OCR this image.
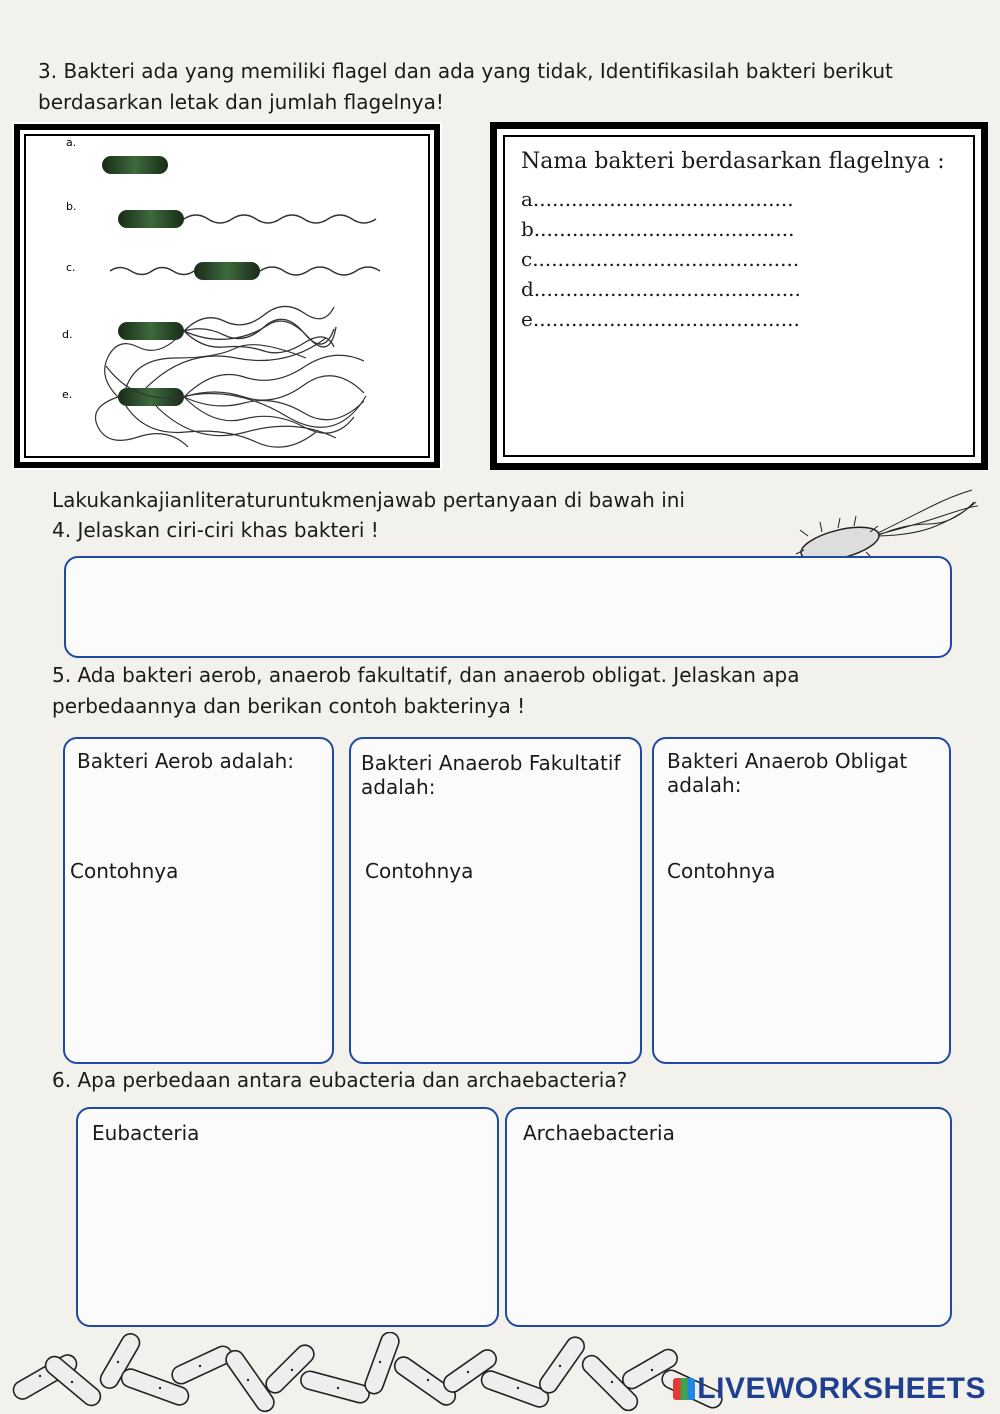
3. Bakteri ada yang memiliki flagel dan ada yang tidak, Identifikasilah bakteri berikut berdasarkan letak dan jumlah flagelnya!
a.
b.
c.
d.
e.
Nama bakteri berdasarkan flagelnya :
a.........................................
b.........................................
c..........................................
d..........................................
e..........................................
Lakukankajianliteraturuntukmenjawab pertanyaan di bawah ini
4. Jelaskan ciri-ciri khas bakteri !
5. Ada bakteri aerob, anaerob fakultatif, dan anaerob obligat. Jelaskan apa perbedaannya dan berikan contoh bakterinya !
Bakteri Aerob adalah:
Contohnya
Bakteri Anaerob Fakultatif adalah:
Contohnya
Bakteri Anaerob Obligat adalah:
Contohnya
6. Apa perbedaan antara eubacteria dan archaebacteria?
Eubacteria	Archaebacteria
LIVEWORKSHEETS
